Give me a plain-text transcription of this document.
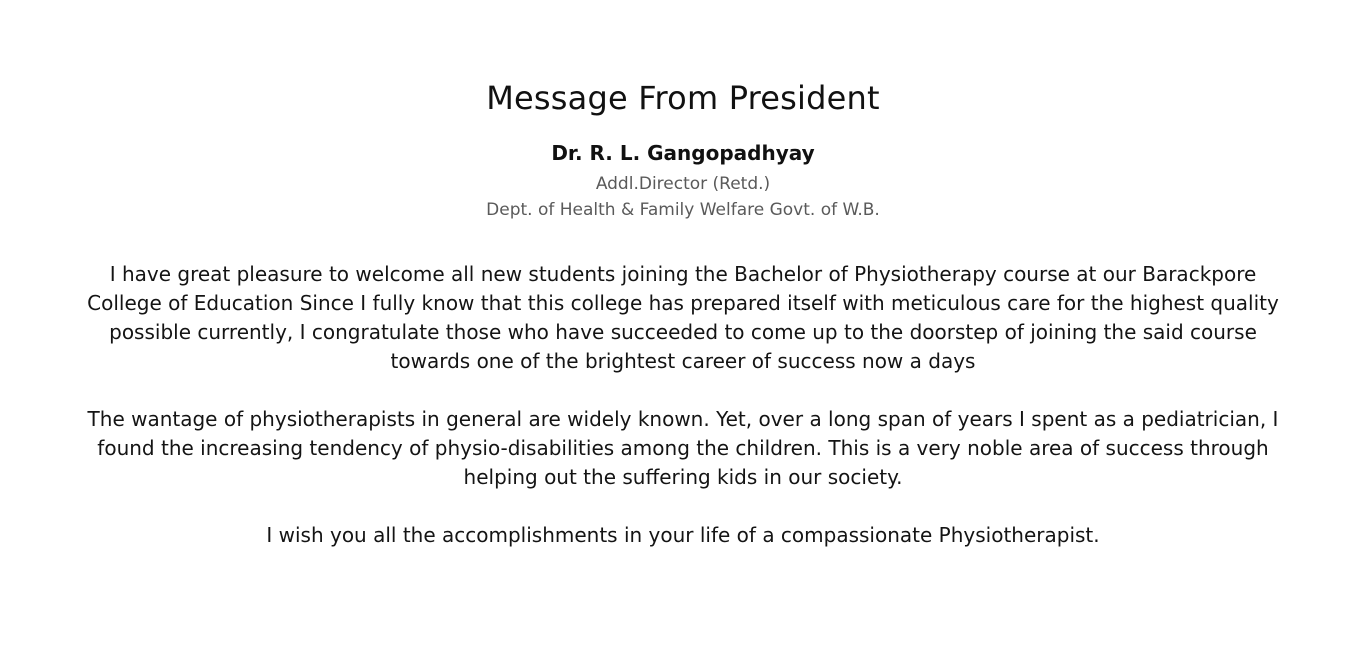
Message From President
Dr. R. L. Gangopadhyay
Addl.Director (Retd.)
Dept. of Health & Family Welfare Govt. of W.B.

I have great pleasure to welcome all new students joining the Bachelor of Physiotherapy course at our Barackpore College of Education Since I fully know that this college has prepared itself with meticulous care for the highest quality possible currently, I congratulate those who have succeeded to come up to the doorstep of joining the said course towards one of the brightest career of success now a days

The wantage of physiotherapists in general are widely known. Yet, over a long span of years I spent as a pediatrician, I found the increasing tendency of physio-disabilities among the children. This is a very noble area of success through helping out the suffering kids in our society.

I wish you all the accomplishments in your life of a compassionate Physiotherapist.
